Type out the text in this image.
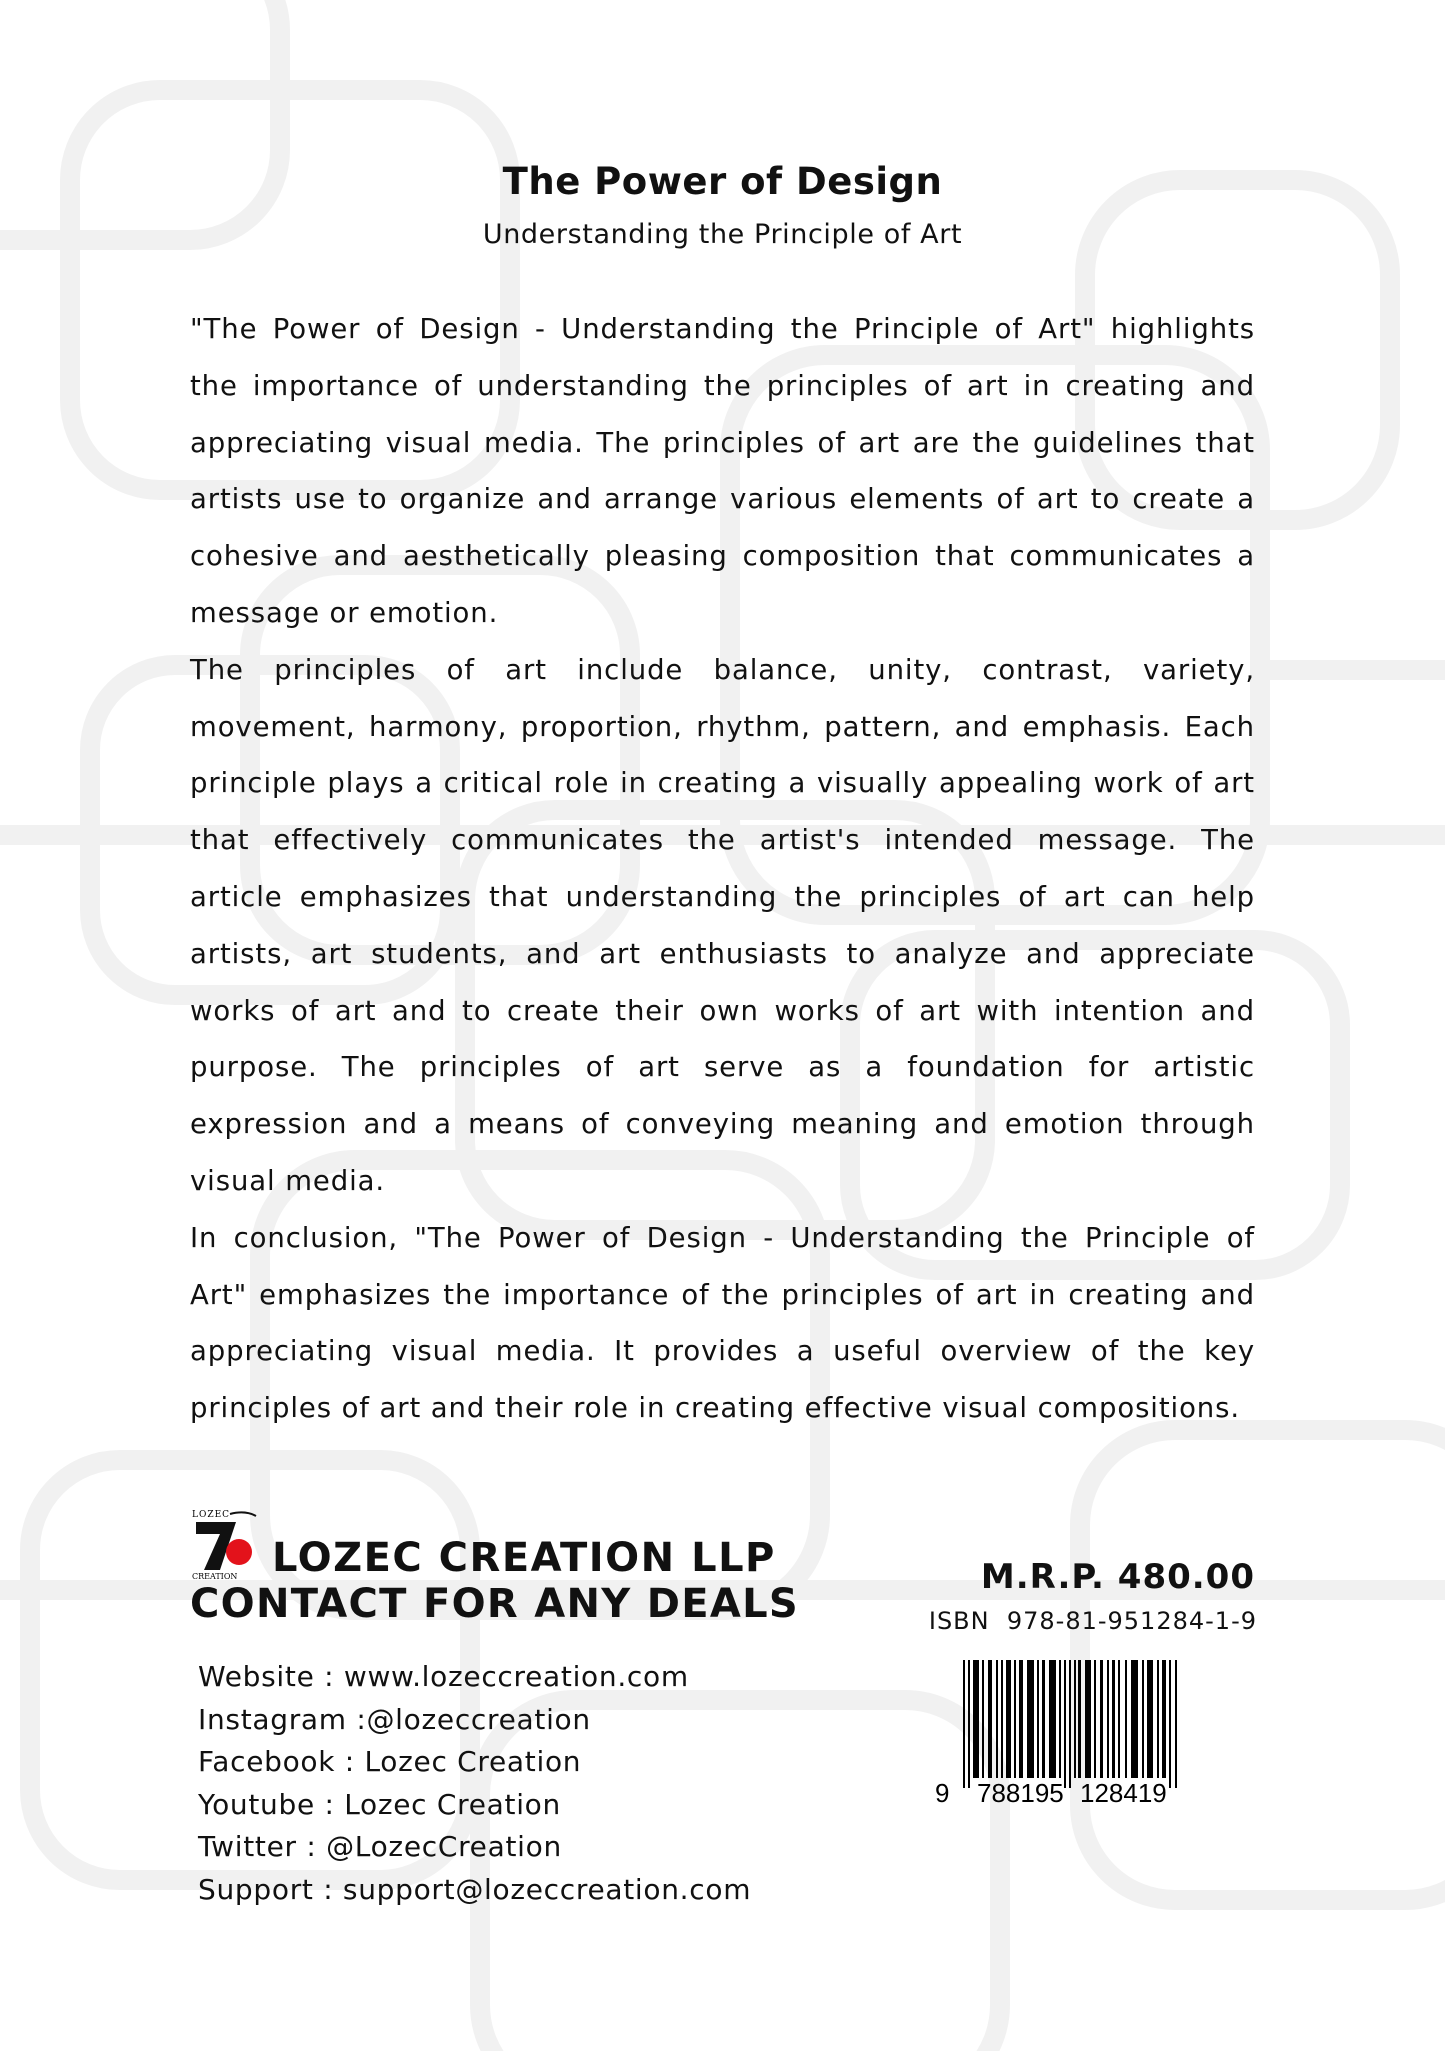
The Power of Design
Understanding the Principle of Art

"The Power of Design - Understanding the Principle of Art" highlights the importance of understanding the principles of art in creating and appreciating visual media. The principles of art are the guidelines that artists use to organize and arrange various elements of art to create a cohesive and aesthetically pleasing composition that communicates a message or emotion.

The principles of art include balance, unity, contrast, variety, movement, harmony, proportion, rhythm, pattern, and emphasis. Each principle plays a critical role in creating a visually appealing work of art that effectively communicates the artist's intended message. The article emphasizes that understanding the principles of art can help artists, art students, and art enthusiasts to analyze and appreciate works of art and to create their own works of art with intention and purpose. The principles of art serve as a foundation for artistic expression and a means of conveying meaning and emotion through visual media.

In conclusion, "The Power of Design - Understanding the Principle of Art" emphasizes the importance of the principles of art in creating and appreciating visual media. It provides a useful overview of the key principles of art and their role in creating effective visual compositions.

LOZEC
CREATION LOZEC CREATION LLP
CONTACT FOR ANY DEALS
Website : www.lozeccreation.com
Instagram :@lozeccreation
Facebook : Lozec Creation
Youtube : Lozec Creation
Twitter : @LozecCreation
Support : support@lozeccreation.com
M.R.P. 480.00
ISBN  978-81-951284-1-9
9 788195 128419
